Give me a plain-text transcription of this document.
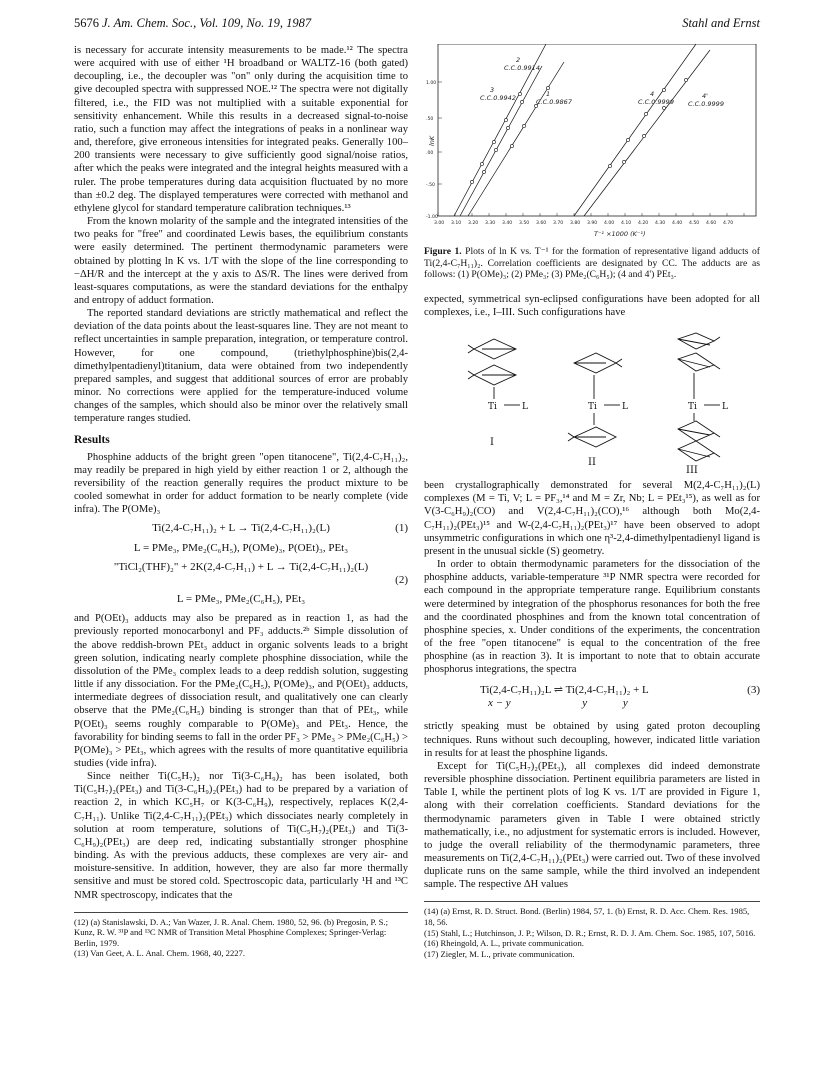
5676 J. Am. Chem. Soc., Vol. 109, No. 19, 1987	Stahl and Ernst

is necessary for accurate intensity measurements to be made.¹² The spectra were acquired with use of either ¹H broadband or WALTZ-16 (both gated) decoupling, i.e., the decoupler was "on" only during the acquisition time to give decoupled spectra with suppressed NOE.¹² The spectra were not digitally filtered, i.e., the FID was not multiplied with a suitable exponential for sensitivity enhancement. While this results in a decreased signal-to-noise ratio, such a function may affect the integrations of peaks in a nonlinear way and, therefore, give erroneous intensities for integrated peaks. Generally 100–200 transients were necessary to give sufficiently good signal/noise ratios, after which the peaks were integrated and the integral heights measured with a ruler. The probe temperatures during data acquisition fluctuated by no more than ±0.2 deg. The displayed temperatures were corrected with methanol and ethylene glycol for standard temperature calibration techniques.¹³

From the known molarity of the sample and the integrated intensities of the two peaks for "free" and coordinated Lewis bases, the equilibrium constants were easily determined. The pertinent thermodynamic parameters were obtained by plotting ln K vs. 1/T with the slope of the line corresponding to −ΔH/R and the intercept at the y axis to ΔS/R. The lines were derived from least-squares computations, as were the standard deviations for the enthalpy and entropy of adduct formation.

The reported standard deviations are strictly mathematical and reflect the deviation of the data points about the least-squares line. They are not meant to reflect uncertainties in sample preparation, integration, or temperature control. However, for one compound, (triethylphosphine)bis(2,4-dimethylpentadienyl)titanium, data were obtained from two independently prepared samples, and suggest that additional sources of error are probably minor. No corrections were applied for the temperature-induced volume changes of the samples, which should also be minor over the relatively small temperature ranges studied.

Results

Phosphine adducts of the bright green "open titanocene", Ti(2,4-C₇H₁₁)₂, may readily be prepared in high yield by either reaction 1 or 2, although the reversibility of the reaction generally requires the product mixture to be cooled somewhat in order for adduct formation to be nearly complete (vide infra). The P(OMe)₃

Ti(2,4-C₇H₁₁)₂ + L → Ti(2,4-C₇H₁₁)₂(L)	(1)
L = PMe₃, PMe₂(C₆H₅), P(OMe)₃, P(OEt)₃, PEt₃
"TiCl₂(THF)₂" + 2K(2,4-C₇H₁₁) + L → Ti(2,4-C₇H₁₁)₂(L)
(2)
L = PMe₃, PMe₂(C₆H₅), PEt₃

and P(OEt)₃ adducts may also be prepared as in reaction 1, as had the previously reported monocarbonyl and PF₃ adducts.²ᵇ Simple dissolution of the above reddish-brown PEt₃ adduct in organic solvents leads to a bright green solution, indicating nearly complete phosphine dissociation, while the dissolution of the PMe₃ complex leads to a deep reddish solution, suggesting little if any dissociation. For the PMe₂(C₆H₅), P(OMe)₃, and P(OEt)₃ adducts, intermediate degrees of dissociation result, and qualitatively one can clearly observe that the PMe₂(C₆H₅) binding is stronger than that of PEt₃, while P(OEt)₃ seems roughly comparable to P(OMe)₃ and PEt₃. Hence, the favorability for binding seems to fall in the order PF₃ > PMe₃ > PMe₂(C₆H₅) > P(OMe)₃ > PEt₃, which agrees with the results of more quantitative equilibria studies (vide infra).

Since neither Ti(C₅H₇)₂ nor Ti(3-C₆H₉)₂ has been isolated, both Ti(C₅H₇)₂(PEt₃) and Ti(3-C₆H₉)₂(PEt₃) had to be prepared by a variation of reaction 2, in which KC₅H₇ or K(3-C₆H₉), respectively, replaces K(2,4-C₇H₁₁). Unlike Ti(2,4-C₇H₁₁)₂(PEt₃) which dissociates nearly completely in solution at room temperature, solutions of Ti(C₅H₇)₂(PEt₃) and Ti(3-C₆H₉)₂(PEt₃) are deep red, indicating substantially stronger phosphine binding. As with the previous adducts, these complexes are very air- and moisture-sensitive. In addition, however, they are also far more thermally sensitive and must be stored cold. Spectroscopic data, particularly ¹H and ¹³C NMR spectroscopy, indicates that the

(12) (a) Stanislawski, D. A.; Van Wazer, J. R. Anal. Chem. 1980, 52, 96. (b) Pregosin, P. S.; Kunz, R. W. ³¹P and ¹³C NMR of Transition Metal Phosphine Complexes; Springer-Verlag: Berlin, 1979.

(13) Van Geet, A. L. Anal. Chem. 1968, 40, 2227.

1.00
.50
.00
-.50
-1.00
3.00 3.10 3.20 3.30 3.40 3.50 3.60 3.70 3.80 3.90 4.00 4.10 4.20 4.30 4.40 4.50 4.60 4.70
lnK
T⁻¹ ×1000 (K⁻¹)
2
C.C.0.9914
3
C.C.0.9942	1
C.C.0.9867
4
C.C.0.9999
4'
C.C.0.9999

Figure 1. Plots of ln K vs. T⁻¹ for the formation of representative ligand adducts of Ti(2,4-C₇H₁₁)₂. Correlation coefficients are designated by CC. The adducts are as follows: (1) P(OMe)₃; (2) PMe₃; (3) PMe₂(C₆H₅); (4 and 4') PEt₃.

expected, symmetrical syn-eclipsed configurations have been adopted for all complexes, i.e., I–III. Such configurations have

Ti	L	Ti	L	Ti	L
I
II
III

been crystallographically demonstrated for several M(2,4-C₇H₁₁)₂(L) complexes (M = Ti, V; L = PF₃,¹⁴ and M = Zr, Nb; L = PEt₃¹⁵), as well as for V(3-C₆H₉)₂(CO) and V(2,4-C₇H₁₁)₂(CO),¹⁶ although both Mo(2,4-C₇H₁₁)₂(PEt₃)¹⁵ and W-(2,4-C₇H₁₁)₂(PEt₃)¹⁷ have been observed to adopt unsymmetric configurations in which one η³-2,4-dimethylpentadienyl ligand is present in the unusual sickle (S) geometry.

In order to obtain thermodynamic parameters for the dissociation of the phosphine adducts, variable-temperature ³¹P NMR spectra were recorded for each compound in the appropriate temperature range. Equilibrium constants were determined by integration of the phosphorus resonances for both the free and the coordinated phosphines and from the known total concentration of phosphine species, x. Under conditions of the experiments, the concentration of the free "open titanocene" is equal to the concentration of the free phosphine (as in reaction 3). It is important to note that to obtain accurate phosphorus integrations, the spectra

Ti(2,4-C₇H₁₁)₂L ⇌ Ti(2,4-C₇H₁₁)₂ + L
x − y                          y             y
(3)

strictly speaking must be obtained by using gated proton decoupling techniques. Runs without such decoupling, however, indicated little variation in results for at least the phosphine ligands.

Except for Ti(C₅H₇)₂(PEt₃), all complexes did indeed demonstrate reversible phosphine dissociation. Pertinent equilibria parameters are listed in Table I, while the pertinent plots of log K vs. 1/T are provided in Figure 1, along with their correlation coefficients. Standard deviations for the thermodynamic parameters given in Table I were obtained strictly mathematically, i.e., no adjustment for systematic errors is included. However, to judge the overall reliability of the thermodynamic parameters, three measurements on Ti(2,4-C₇H₁₁)₂(PEt₃) were carried out. Two of these involved duplicate runs on the same sample, while the third involved an independent sample. The respective ΔH values

(14) (a) Ernst, R. D. Struct. Bond. (Berlin) 1984, 57, 1. (b) Ernst, R. D. Acc. Chem. Res. 1985, 18, 56.

(15) Stahl, L.; Hutchinson, J. P.; Wilson, D. R.; Ernst, R. D. J. Am. Chem. Soc. 1985, 107, 5016.

(16) Rheingold, A. L., private communication.

(17) Ziegler, M. L., private communication.
